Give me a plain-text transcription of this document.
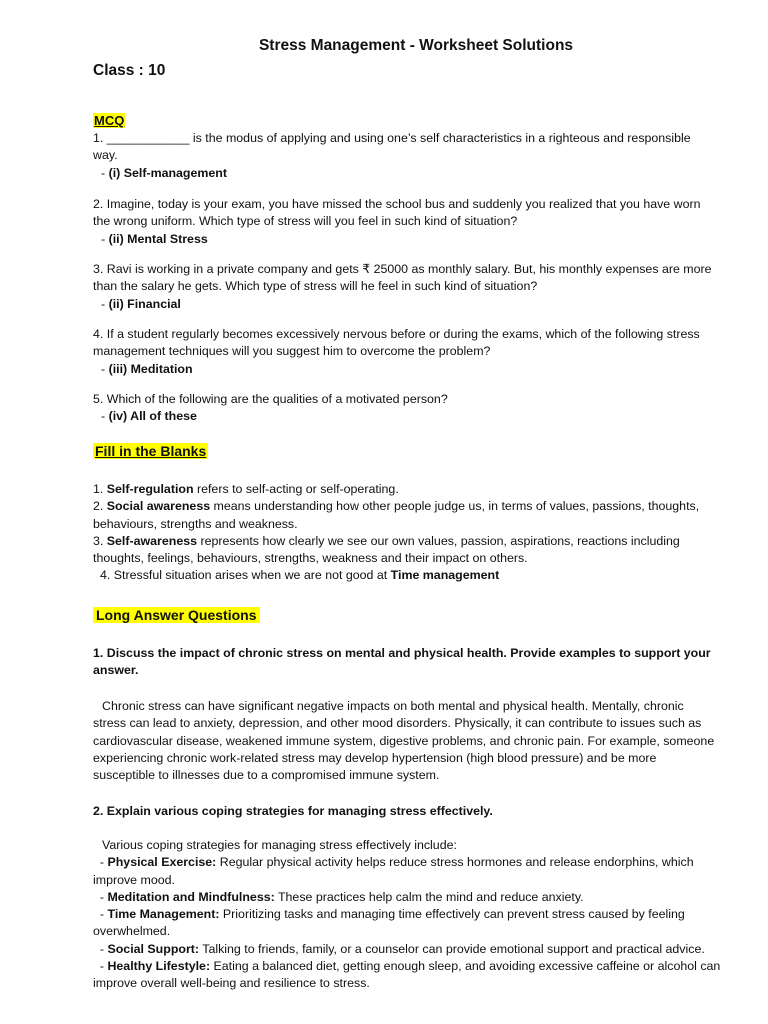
Stress Management - Worksheet Solutions
Class : 10
MCQ

1. ____________ is the modus of applying and using one’s self characteristics in a righteous and responsible

way.

- (i) Self-management

2. Imagine, today is your exam, you have missed the school bus and suddenly you realized that you have worn

the wrong uniform. Which type of stress will you feel in such kind of situation?

- (ii) Mental Stress

3. Ravi is working in a private company and gets ₹ 25000 as monthly salary. But, his monthly expenses are more

than the salary he gets. Which type of stress will he feel in such kind of situation?

- (ii) Financial

4. If a student regularly becomes excessively nervous before or during the exams, which of the following stress

management techniques will you suggest him to overcome the problem?

- (iii) Meditation

5. Which of the following are the qualities of a motivated person?

- (iv) All of these

Fill in the Blanks

1. Self-regulation refers to self-acting or self-operating.

2. Social awareness means understanding how other people judge us, in terms of values, passions, thoughts,
behaviours, strengths and weakness.

3. Self-awareness represents how clearly we see our own values, passion, aspirations, reactions including
thoughts, feelings, behaviours, strengths, weakness and their impact on others.

4. Stressful situation arises when we are not good at Time management

Long Answer Questions

1. Discuss the impact of chronic stress on mental and physical health. Provide examples to support your

answer.

Chronic stress can have significant negative impacts on both mental and physical health. Mentally, chronic

stress can lead to anxiety, depression, and other mood disorders. Physically, it can contribute to issues such as

cardiovascular disease, weakened immune system, digestive problems, and chronic pain. For example, someone

experiencing chronic work-related stress may develop hypertension (high blood pressure) and be more

susceptible to illnesses due to a compromised immune system.

2. Explain various coping strategies for managing stress effectively.

Various coping strategies for managing stress effectively include:

- Physical Exercise: Regular physical activity helps reduce stress hormones and release endorphins, which
improve mood.

- Meditation and Mindfulness: These practices help calm the mind and reduce anxiety.

- Time Management: Prioritizing tasks and managing time effectively can prevent stress caused by feeling
overwhelmed.

- Social Support: Talking to friends, family, or a counselor can provide emotional support and practical advice.

- Healthy Lifestyle: Eating a balanced diet, getting enough sleep, and avoiding excessive caffeine or alcohol can
improve overall well-being and resilience to stress.
